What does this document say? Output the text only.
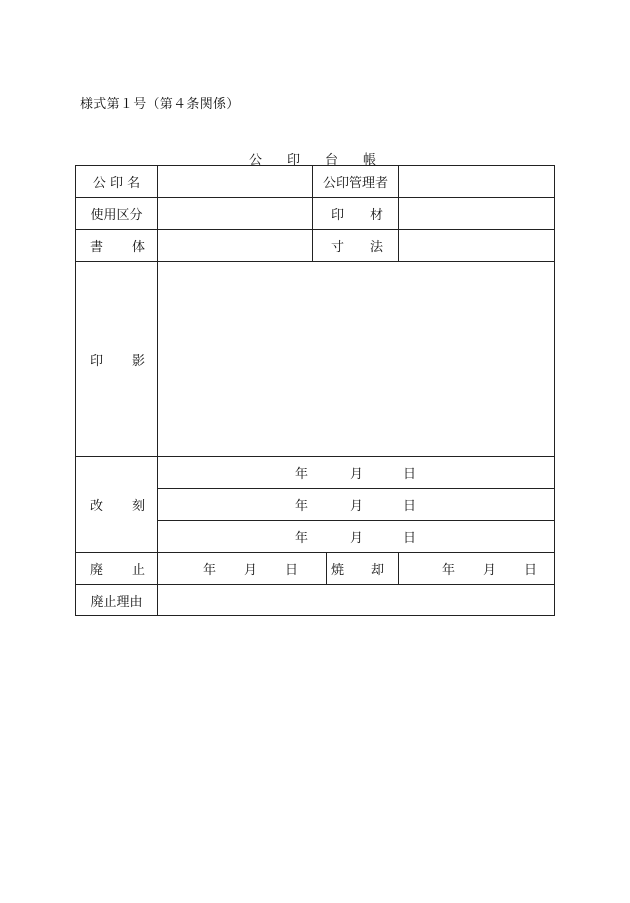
様式第１号（第４条関係）
公 印 台 帳
公 印 名	公印管理者
使用区分	印 材
書 体	寸 法
印 影
改 刻
年	月	日
年	月	日
年	月	日
廃 止	年 月 日	焼 却	年 月 日
廃止理由
